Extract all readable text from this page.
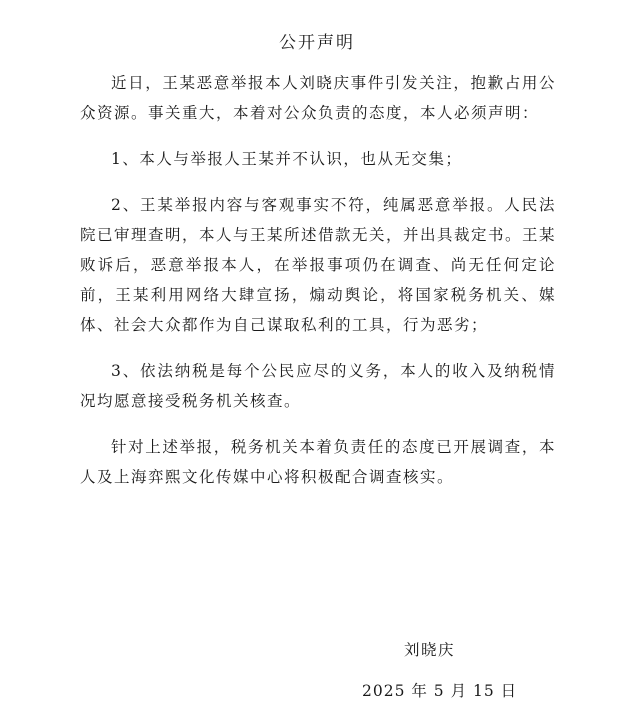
公开声明

近日，王某恶意举报本人刘晓庆事件引发关注，抱歉占用公众资源。事关重大，本着对公众负责的态度，本人必须声明：

1、本人与举报人王某并不认识，也从无交集；

2、王某举报内容与客观事实不符，纯属恶意举报。人民法院已审理查明，本人与王某所述借款无关，并出具裁定书。王某败诉后，恶意举报本人，在举报事项仍在调查、尚无任何定论前，王某利用网络大肆宣扬，煽动舆论，将国家税务机关、媒体、社会大众都作为自己谋取私利的工具，行为恶劣；

3、依法纳税是每个公民应尽的义务，本人的收入及纳税情况均愿意接受税务机关核查。

针对上述举报，税务机关本着负责任的态度已开展调查，本人及上海弈熙文化传媒中心将积极配合调查核实。

刘晓庆
2025 年 5 月 15 日
